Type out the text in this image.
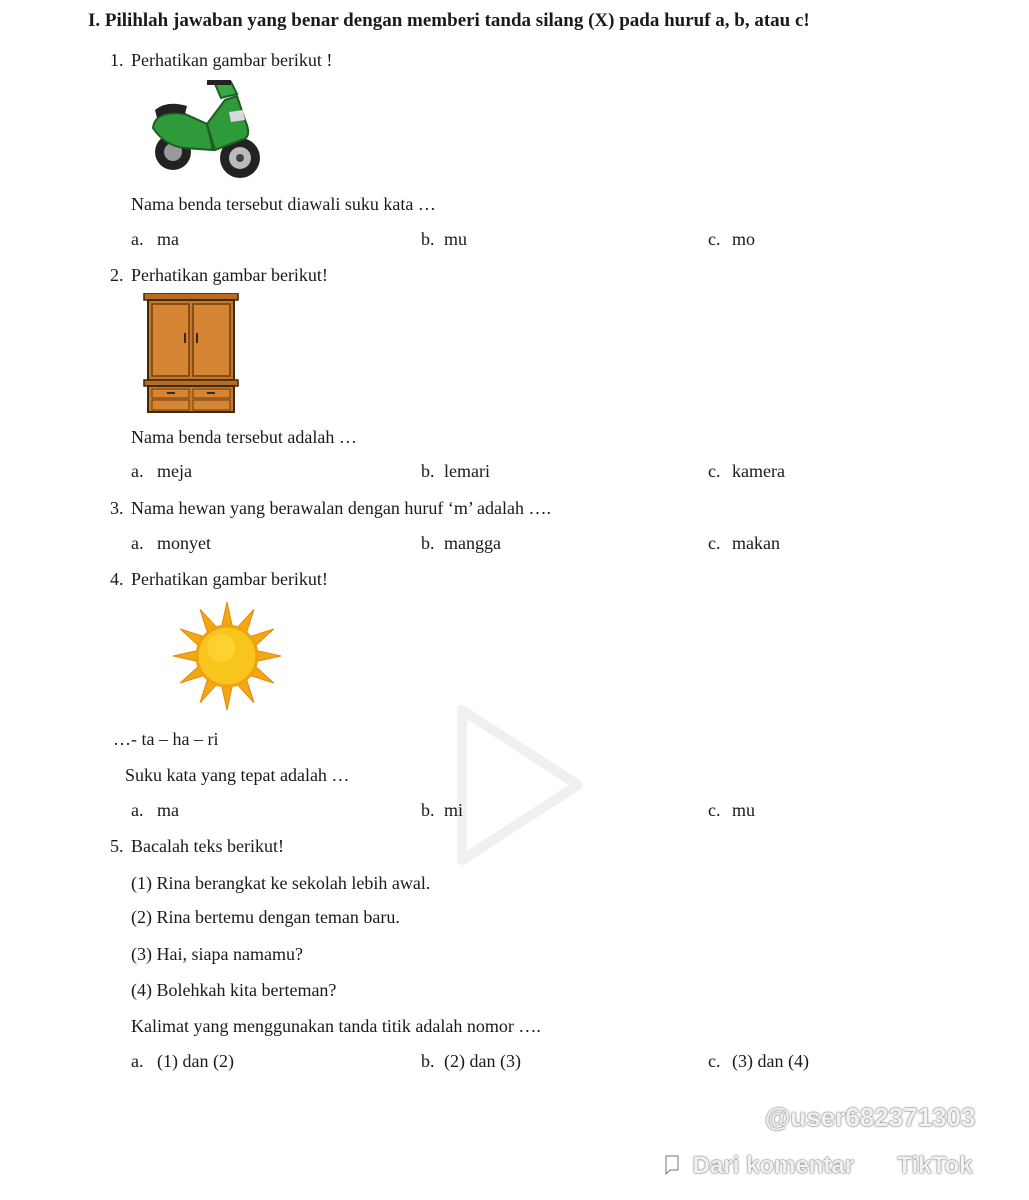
I. Pilihlah jawaban yang benar dengan memberi tanda silang (X) pada huruf a, b, atau c!
1. Perhatikan gambar berikut !
Nama benda tersebut diawali suku kata …
a. ma	b. mu	c. mo
2. Perhatikan gambar berikut!
Nama benda tersebut adalah …
a. meja	b. lemari	c. kamera
3. Nama hewan yang berawalan dengan huruf ‘m’ adalah ….
a. monyet	b. mangga	c. makan
4. Perhatikan gambar berikut!
…- ta – ha – ri
Suku kata yang tepat adalah …
a. ma	b. mi	c. mu
5. Bacalah teks berikut!
(1) Rina berangkat ke sekolah lebih awal.
(2) Rina bertemu dengan teman baru.
(3) Hai, siapa namamu?
(4) Bolehkah kita berteman?
Kalimat yang menggunakan tanda titik adalah nomor ….
a. (1) dan (2)	b. (2) dan (3)	c. (3) dan (4)
@user682371303
Dari komentar TikTok
